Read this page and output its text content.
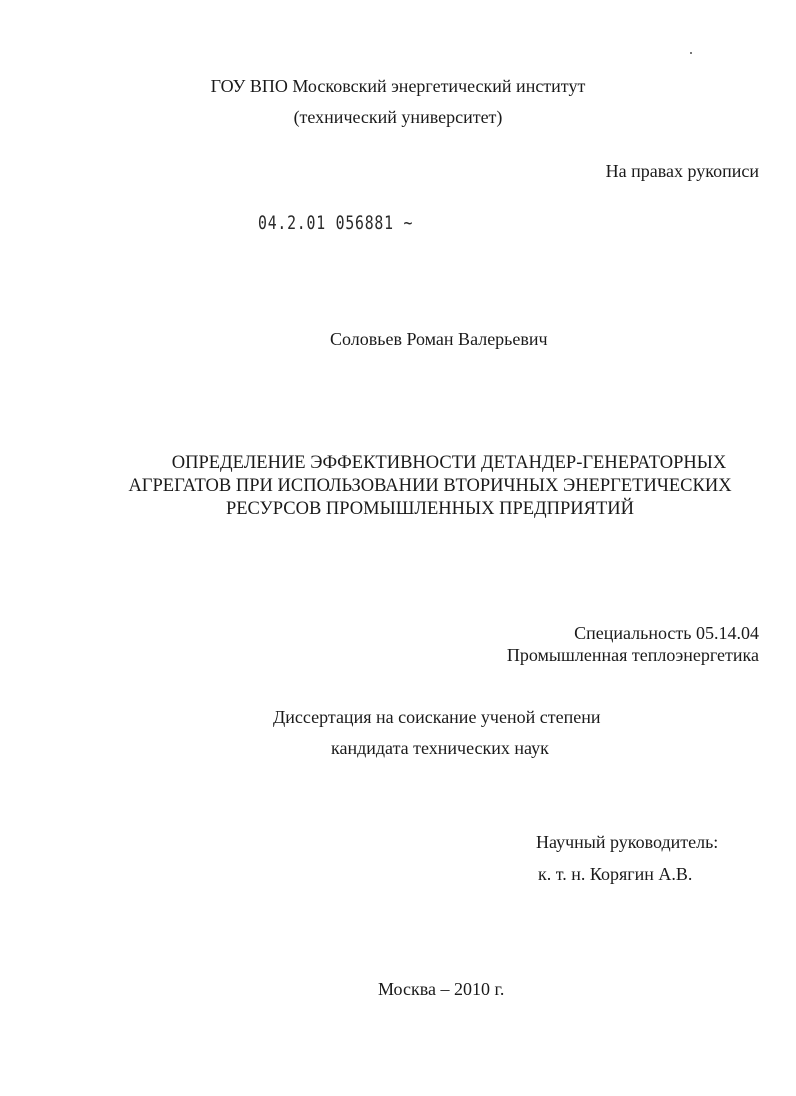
ГОУ ВПО Московский энергетический институт
(технический университет)
На правах рукописи
04.2.01 056881 ~
Соловьев Роман Валерьевич
ОПРЕДЕЛЕНИЕ ЭФФЕКТИВНОСТИ ДЕТАНДЕР-ГЕНЕРАТОРНЫХ
АГРЕГАТОВ ПРИ ИСПОЛЬЗОВАНИИ ВТОРИЧНЫХ ЭНЕРГЕТИЧЕСКИХ
РЕСУРСОВ ПРОМЫШЛЕННЫХ ПРЕДПРИЯТИЙ
Специальность 05.14.04
Промышленная теплоэнергетика
Диссертация на соискание ученой степени
кандидата технических наук
Научный руководитель:
к. т. н. Корягин А.В.
Москва – 2010 г.
